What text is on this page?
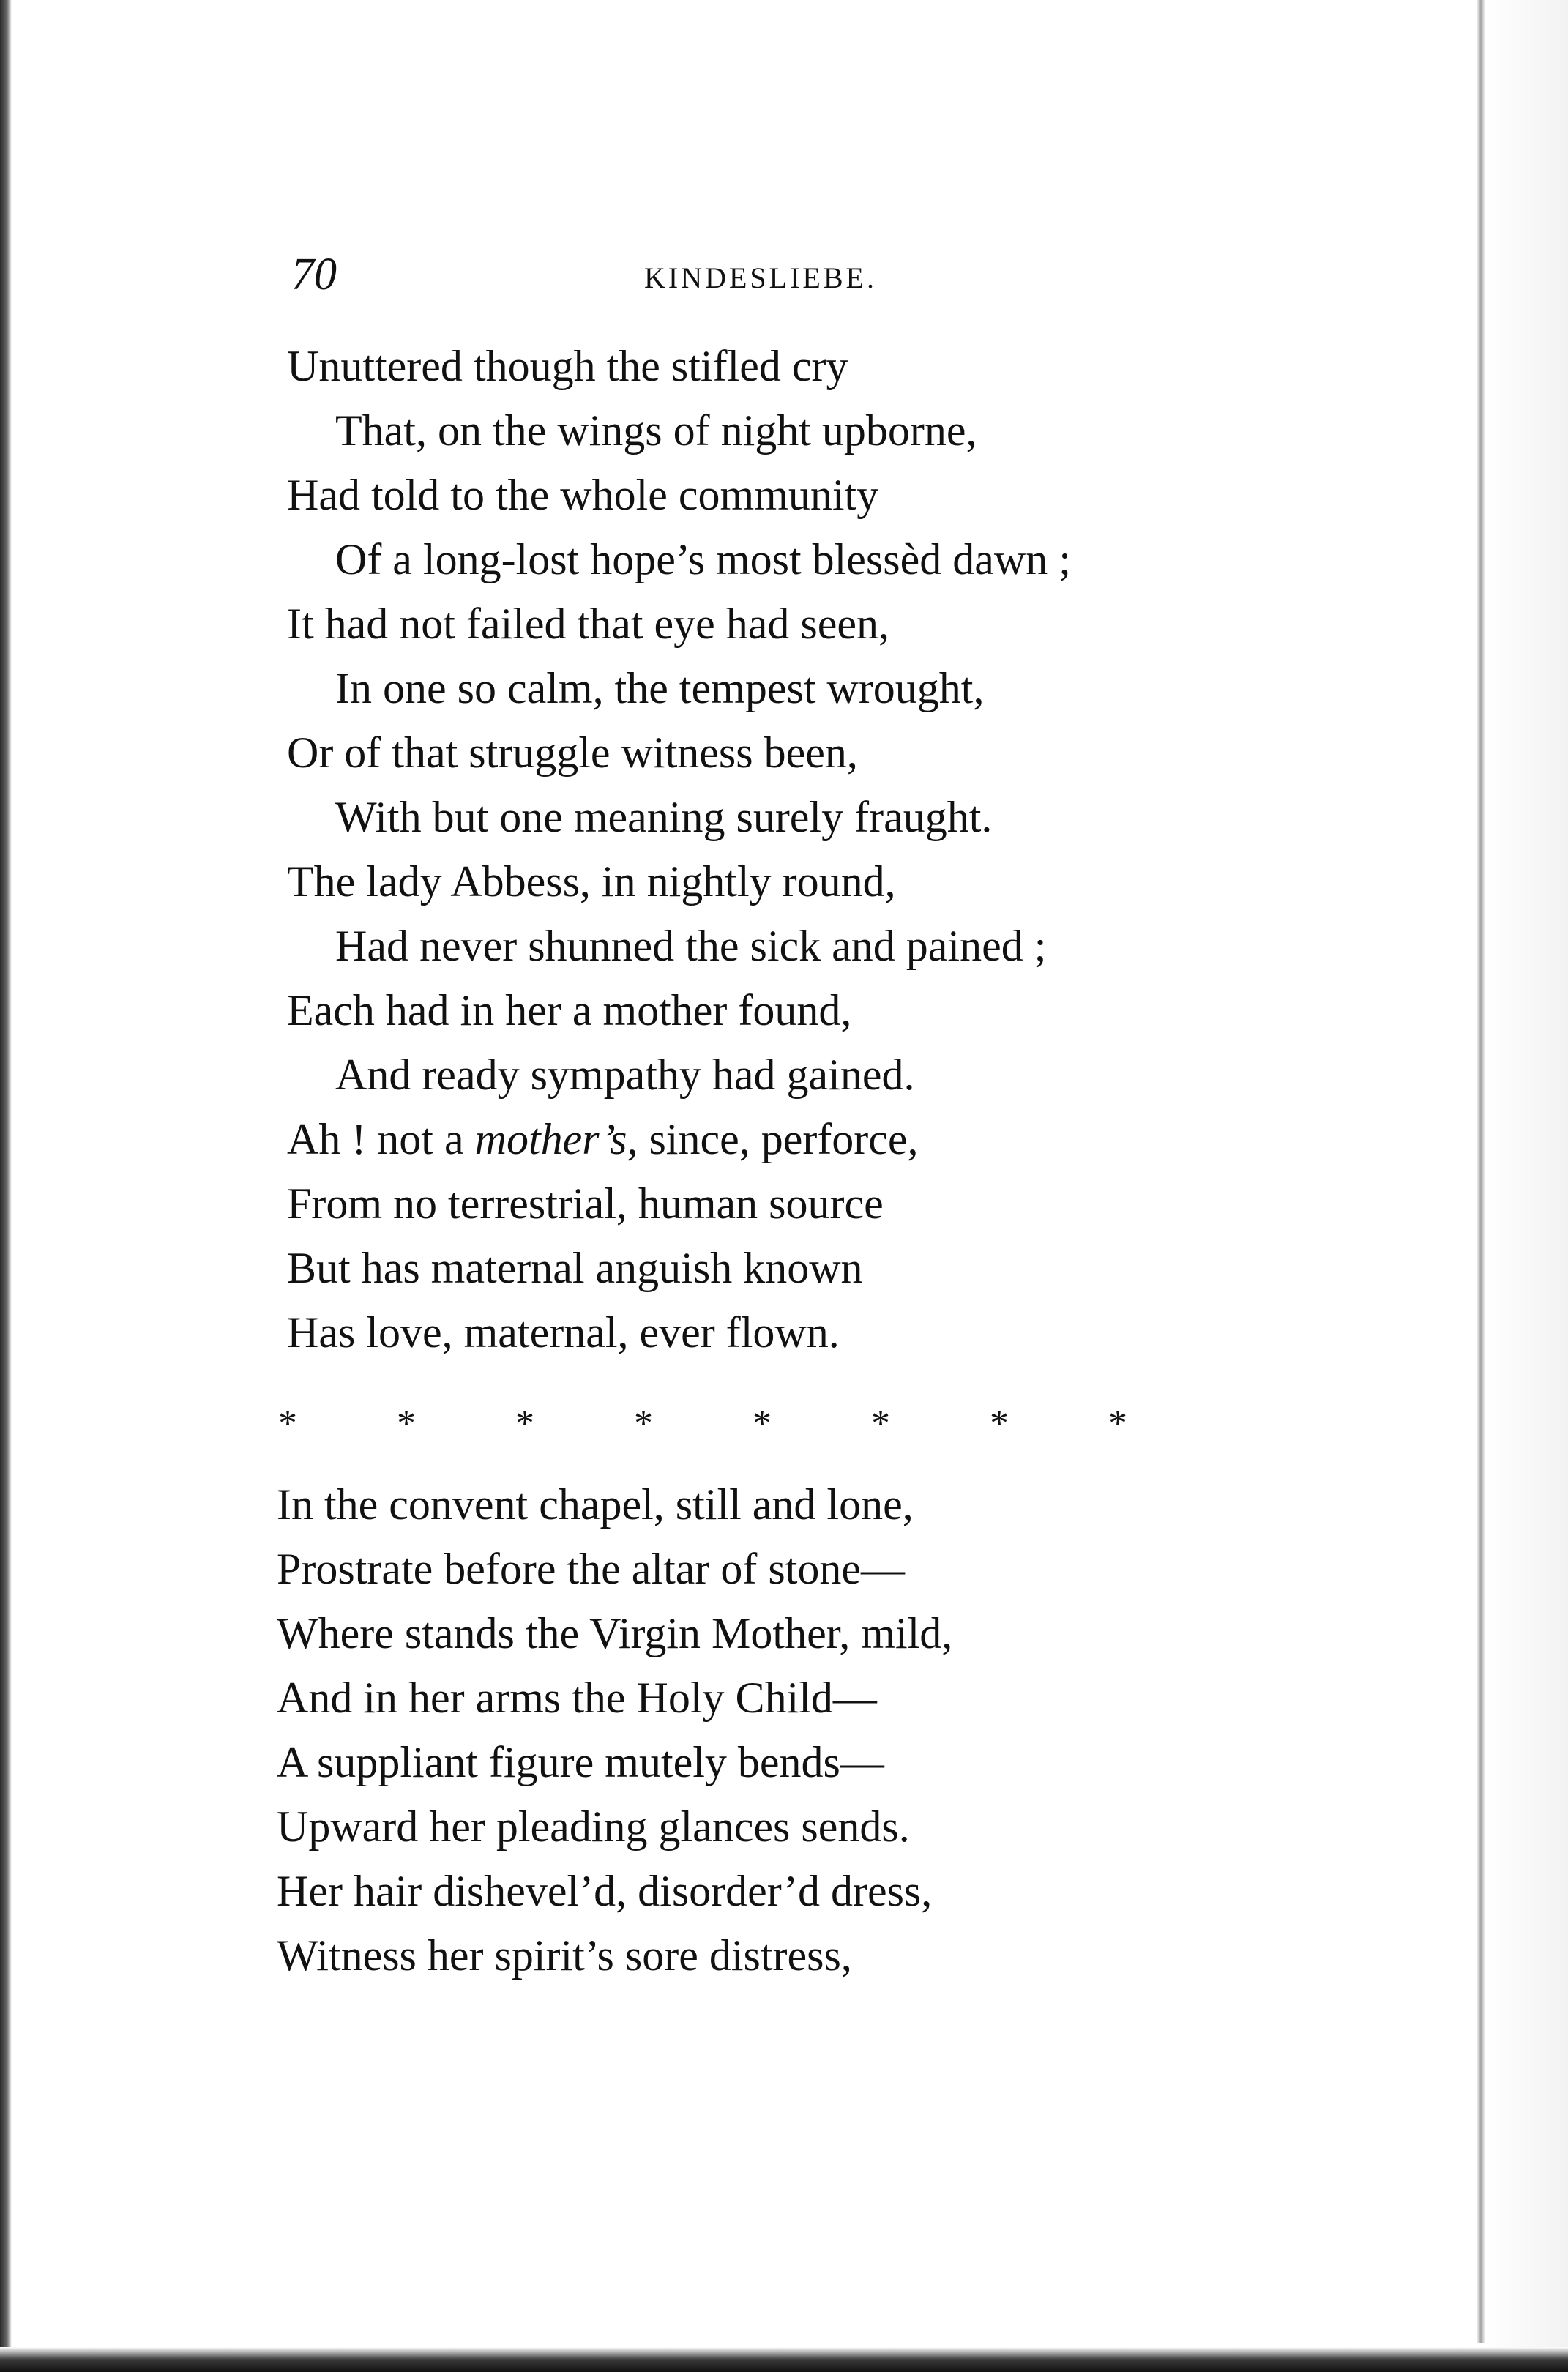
70	KINDESLIEBE.
Unuttered though the stifled cry
That, on the wings of night upborne,
Had told to the whole community
Of a long-lost hope’s most blessèd dawn ;
It had not failed that eye had seen,
In one so calm, the tempest wrought,
Or of that struggle witness been,
With but one meaning surely fraught.
The lady Abbess, in nightly round,
Had never shunned the sick and pained ;
Each had in her a mother found,
And ready sympathy had gained.
Ah ! not a mother’s, since, perforce,
From no terrestrial, human source
But has maternal anguish known
Has love, maternal, ever flown.
*	*	*	*	*	*	*	*
In the convent chapel, still and lone,
Prostrate before the altar of stone—
Where stands the Virgin Mother, mild,
And in her arms the Holy Child—
A suppliant figure mutely bends—
Upward her pleading glances sends.
Her hair dishevel’d, disorder’d dress,
Witness her spirit’s sore distress,
